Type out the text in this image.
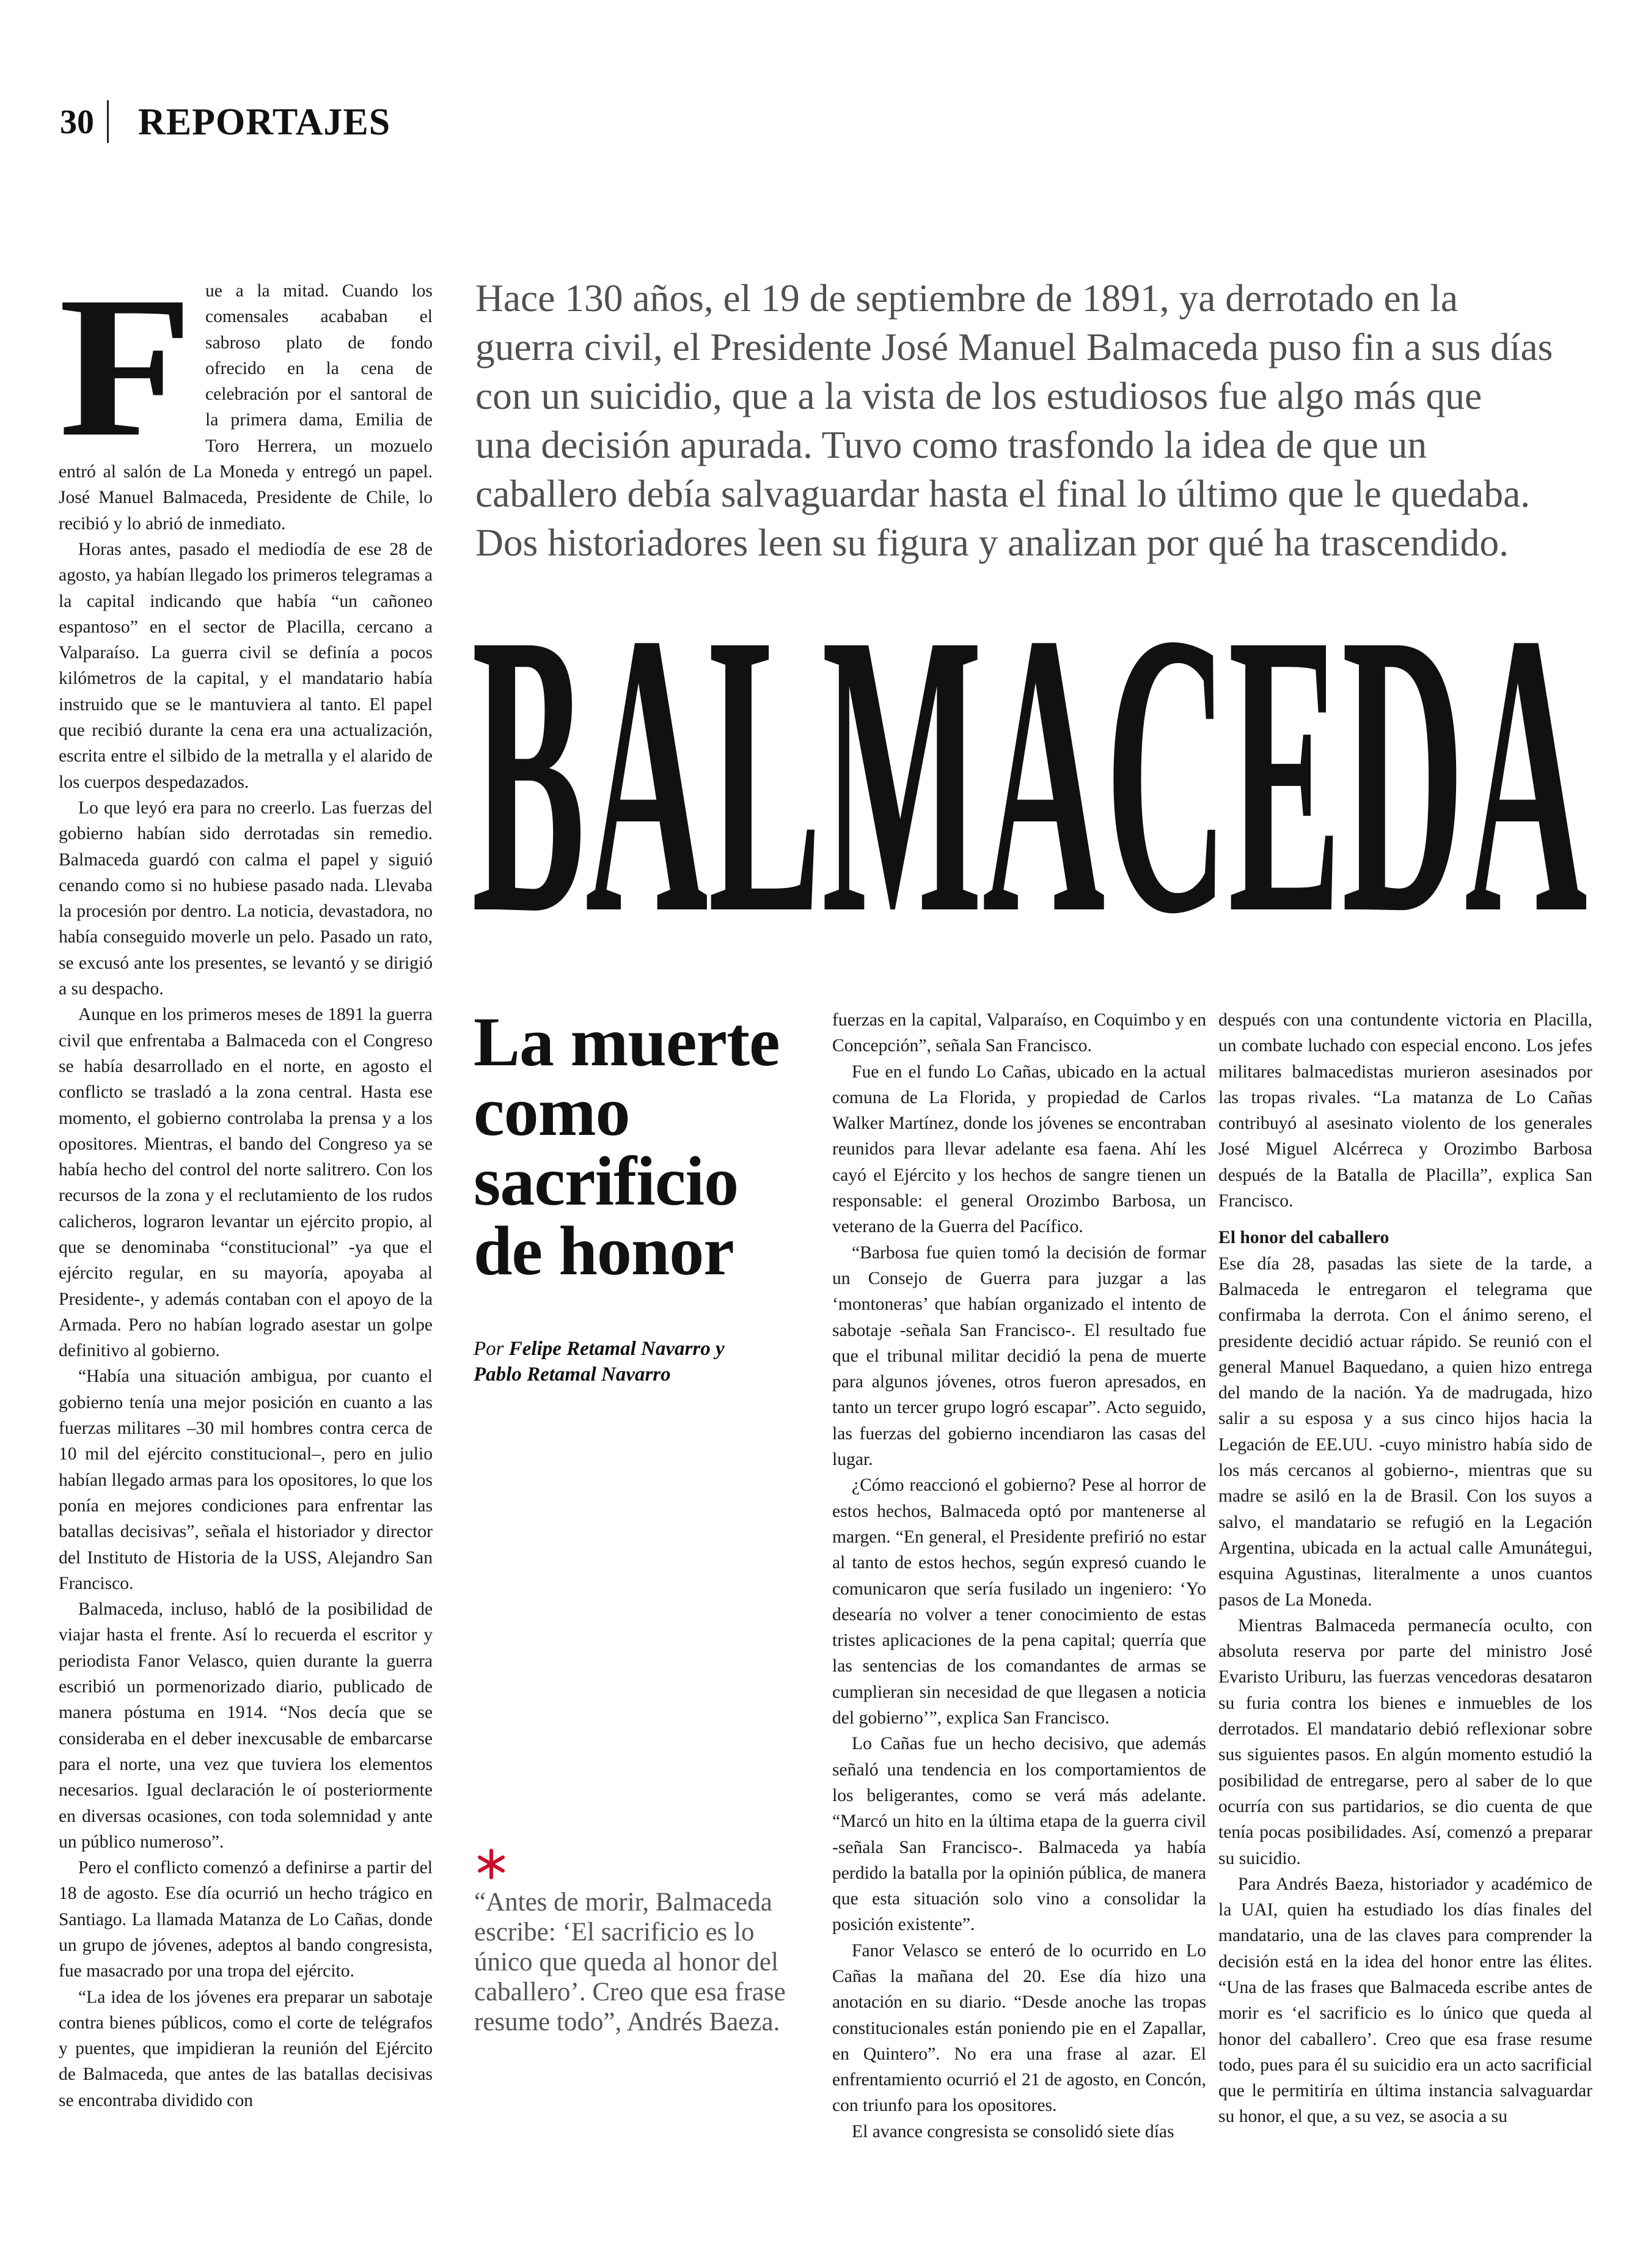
30 REPORTAJES

Hace 130 años, el 19 de septiembre de 1891, ya derrotado en la

guerra civil, el Presidente José Manuel Balmaceda puso fin a sus días

con un suicidio, que a la vista de los estudiosos fue algo más que

una decisión apurada. Tuvo como trasfondo la idea de que un

caballero debía salvaguardar hasta el final lo último que le quedaba.

Dos historiadores leen su figura y analizan por qué ha trascendido.

BALMACEDA

F ue a la mitad. Cuando los comensales acababan el sabroso plato de fondo ofrecido en la cena de celebración por el santoral de la primera dama, Emilia de Toro Herrera, un mozuelo entró al salón de La Moneda y entregó un papel. José Manuel Balmaceda, Presidente de Chile, lo recibió y lo abrió de inmediato.

Horas antes, pasado el mediodía de ese 28 de agosto, ya habían llegado los primeros telegramas a la capital indicando que había “un cañoneo espantoso” en el sector de Placilla, cercano a Valparaíso. La guerra civil se definía a pocos kilómetros de la capital, y el mandatario había instruido que se le mantuviera al tanto. El papel que recibió durante la cena era una actualización, escrita entre el silbido de la metralla y el alarido de los cuerpos despedazados.

Lo que leyó era para no creerlo. Las fuerzas del gobierno habían sido derrotadas sin remedio. Balmaceda guardó con calma el papel y siguió cenando como si no hubiese pasado nada. Llevaba la procesión por dentro. La noticia, devastadora, no había conseguido moverle un pelo. Pasado un rato, se excusó ante los presentes, se levantó y se dirigió a su despacho.

Aunque en los primeros meses de 1891 la guerra civil que enfrentaba a Balmaceda con el Congreso se había desarrollado en el norte, en agosto el conflicto se trasladó a la zona central. Hasta ese momento, el gobierno controlaba la prensa y a los opositores. Mientras, el bando del Congreso ya se había hecho del control del norte salitrero. Con los recursos de la zona y el reclutamiento de los rudos calicheros, lograron levantar un ejército propio, al que se denominaba “constitucional” -ya que el ejército regular, en su mayoría, apoyaba al Presidente-, y además contaban con el apoyo de la Armada. Pero no habían logrado asestar un golpe definitivo al gobierno.

“Había una situación ambigua, por cuanto el gobierno tenía una mejor posición en cuanto a las fuerzas militares –30 mil hombres contra cerca de 10 mil del ejército constitucional–, pero en julio habían llegado armas para los opositores, lo que los ponía en mejores condiciones para enfrentar las batallas decisivas”, señala el historiador y director del Instituto de Historia de la USS, Alejandro San Francisco.

Balmaceda, incluso, habló de la posibilidad de viajar hasta el frente. Así lo recuerda el escritor y periodista Fanor Velasco, quien durante la guerra escribió un pormenorizado diario, publicado de manera póstuma en 1914. “Nos decía que se consideraba en el deber inexcusable de embarcarse para el norte, una vez que tuviera los elementos necesarios. Igual declaración le oí posteriormente en diversas ocasiones, con toda solemnidad y ante un público numeroso”.

Pero el conflicto comenzó a definirse a partir del 18 de agosto. Ese día ocurrió un hecho trágico en Santiago. La llamada Matanza de Lo Cañas, donde un grupo de jóvenes, adeptos al bando congresista, fue masacrado por una tropa del ejército.

“La idea de los jóvenes era preparar un sabotaje contra bienes públicos, como el corte de telégrafos y puentes, que impidieran la reunión del Ejército de Balmaceda, que antes de las batallas decisivas se encontraba dividido con

La muerte

como

sacrificio

de honor

Por Felipe Retamal Navarro y
Pablo Retamal Navarro
“Antes de morir, Balmaceda escribe: ‘El sacrificio es lo único que queda al honor del caballero’. Creo que esa frase resume todo”, Andrés Baeza.

fuerzas en la capital, Valparaíso, en Coquimbo y en Concepción”, señala San Francisco.

Fue en el fundo Lo Cañas, ubicado en la actual comuna de La Florida, y propiedad de Carlos Walker Martínez, donde los jóvenes se encontraban reunidos para llevar adelante esa faena. Ahí les cayó el Ejército y los hechos de sangre tienen un responsable: el general Orozimbo Barbosa, un veterano de la Guerra del Pacífico.

“Barbosa fue quien tomó la decisión de formar un Consejo de Guerra para juzgar a las ‘montoneras’ que habían organizado el intento de sabotaje -señala San Francisco-. El resultado fue que el tribunal militar decidió la pena de muerte para algunos jóvenes, otros fueron apresados, en tanto un tercer grupo logró escapar”. Acto seguido, las fuerzas del gobierno incendiaron las casas del lugar.

¿Cómo reaccionó el gobierno? Pese al horror de estos hechos, Balmaceda optó por mantenerse al margen. “En general, el Presidente prefirió no estar al tanto de estos hechos, según expresó cuando le comunicaron que sería fusilado un ingeniero: ‘Yo desearía no volver a tener conocimiento de estas tristes aplicaciones de la pena capital; querría que las sentencias de los comandantes de armas se cumplieran sin necesidad de que llegasen a noticia del gobierno’”, explica San Francisco.

Lo Cañas fue un hecho decisivo, que además señaló una tendencia en los comportamientos de los beligerantes, como se verá más adelante. “Marcó un hito en la última etapa de la guerra civil -señala San Francisco-. Balmaceda ya había perdido la batalla por la opinión pública, de manera que esta situación solo vino a consolidar la posición existente”.

Fanor Velasco se enteró de lo ocurrido en Lo Cañas la mañana del 20. Ese día hizo una anotación en su diario. “Desde anoche las tropas constitucionales están poniendo pie en el Zapallar, en Quintero”. No era una frase al azar. El enfrentamiento ocurrió el 21 de agosto, en Concón, con triunfo para los opositores.

El avance congresista se consolidó siete días

después con una contundente victoria en Placilla, un combate luchado con especial encono. Los jefes militares balmacedistas murieron asesinados por las tropas rivales. “La matanza de Lo Cañas contribuyó al asesinato violento de los generales José Miguel Alcérreca y Orozimbo Barbosa después de la Batalla de Placilla”, explica San Francisco.

El honor del caballero

Ese día 28, pasadas las siete de la tarde, a Balmaceda le entregaron el telegrama que confirmaba la derrota. Con el ánimo sereno, el presidente decidió actuar rápido. Se reunió con el general Manuel Baquedano, a quien hizo entrega del mando de la nación. Ya de madrugada, hizo salir a su esposa y a sus cinco hijos hacia la Legación de EE.UU. -cuyo ministro había sido de los más cercanos al gobierno-, mientras que su madre se asiló en la de Brasil. Con los suyos a salvo, el mandatario se refugió en la Legación Argentina, ubicada en la actual calle Amunátegui, esquina Agustinas, literalmente a unos cuantos pasos de La Moneda.

Mientras Balmaceda permanecía oculto, con absoluta reserva por parte del ministro José Evaristo Uriburu, las fuerzas vencedoras desataron su furia contra los bienes e inmuebles de los derrotados. El mandatario debió reflexionar sobre sus siguientes pasos. En algún momento estudió la posibilidad de entregarse, pero al saber de lo que ocurría con sus partidarios, se dio cuenta de que tenía pocas posibilidades. Así, comenzó a preparar su suicidio.

Para Andrés Baeza, historiador y académico de la UAI, quien ha estudiado los días finales del mandatario, una de las claves para comprender la decisión está en la idea del honor entre las élites. “Una de las frases que Balmaceda escribe antes de morir es ‘el sacrificio es lo único que queda al honor del caballero’. Creo que esa frase resume todo, pues para él su suicidio era un acto sacrificial que le permitiría en última instancia salvaguardar su honor, el que, a su vez, se asocia a su
